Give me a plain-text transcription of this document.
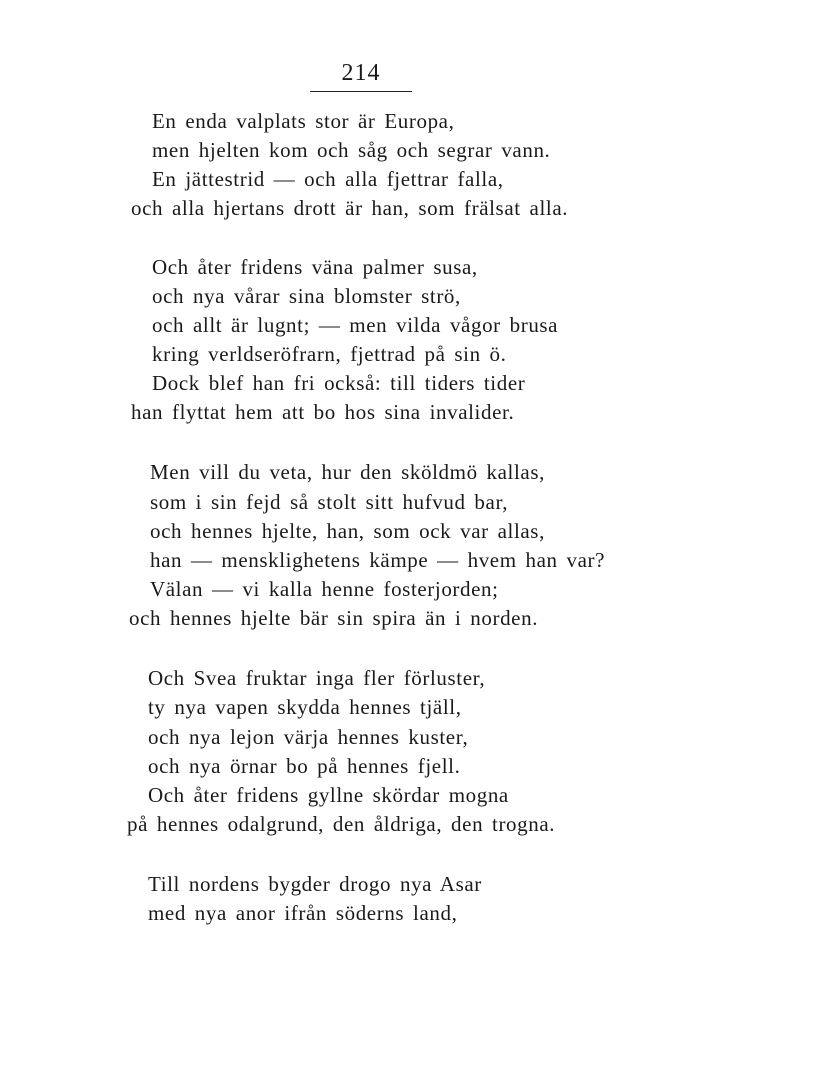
214
En enda valplats stor är Europa,
men hjelten kom och såg och segrar vann.
En jättestrid — och alla fjettrar falla,
och alla hjertans drott är han, som frälsat alla.
Och åter fridens väna palmer susa,
och nya vårar sina blomster strö,
och allt är lugnt; — men vilda vågor brusa
kring verldseröfrarn, fjettrad på sin ö.
Dock blef han fri också: till tiders tider
han flyttat hem att bo hos sina invalider.
Men vill du veta, hur den sköldmö kallas,
som i sin fejd så stolt sitt hufvud bar,
och hennes hjelte, han, som ock var allas,
han — mensklighetens kämpe — hvem han var?
Välan — vi kalla henne fosterjorden;
och hennes hjelte bär sin spira än i norden.
Och Svea fruktar inga fler förluster,
ty nya vapen skydda hennes tjäll,
och nya lejon värja hennes kuster,
och nya örnar bo på hennes fjell.
Och åter fridens gyllne skördar mogna
på hennes odalgrund, den åldriga, den trogna.
Till nordens bygder drogo nya Asar
med nya anor ifrån söderns land,
